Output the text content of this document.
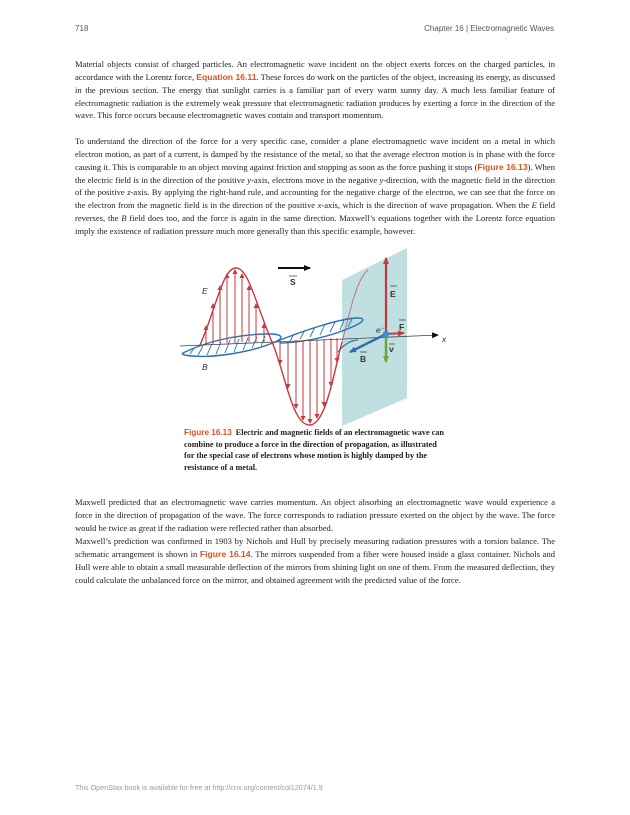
718	Chapter 16 | Electromagnetic Waves

Material objects consist of charged particles. An electromagnetic wave incident on the object exerts forces on the charged particles, in accordance with the Lorentz force, Equation 16.11. These forces do work on the particles of the object, increasing its energy, as discussed in the previous section. The energy that sunlight carries is a familiar part of every warm sunny day. A much less familiar feature of electromagnetic radiation is the extremely weak pressure that electromagnetic radiation produces by exerting a force in the direction of the wave. This force occurs because electromagnetic waves contain and transport momentum.

To understand the direction of the force for a very specific case, consider a plane electromagnetic wave incident on a metal in which electron motion, as part of a current, is damped by the resistance of the metal, so that the average electron motion is in phase with the force causing it. This is comparable to an object moving against friction and stopping as soon as the force pushing it stops (Figure 16.13). When the electric field is in the direction of the positive y-axis, electrons move in the negative y-direction, with the magnetic field in the direction of the positive z-axis. By applying the right-hand rule, and accounting for the negative charge of the electron, we can see that the force on the electron from the magnetic field is in the direction of the positive x-axis, which is the direction of wave propagation. When the E field reverses, the B field does too, and the force is again in the same direction. Maxwell’s equations together with the Lorentz force equation imply the existence of radiation pressure much more generally than this specific example, however.

S
E
B
E
F
B
v
e−
x
Figure 16.13 Electric and magnetic fields of an electromagnetic wave can combine to produce a force in the direction of propagation, as illustrated for the special case of electrons whose motion is highly damped by the resistance of a metal.

Maxwell predicted that an electromagnetic wave carries momentum. An object absorbing an electromagnetic wave would experience a force in the direction of propagation of the wave. The force corresponds to radiation pressure exerted on the object by the wave. The force would be twice as great if the radiation were reflected rather than absorbed.

Maxwell’s prediction was confirmed in 1903 by Nichols and Hull by precisely measuring radiation pressures with a torsion balance. The schematic arrangement is shown in Figure 16.14. The mirrors suspended from a fiber were housed inside a glass container. Nichols and Hull were able to obtain a small measurable deflection of the mirrors from shining light on one of them. From the measured deflection, they could calculate the unbalanced force on the mirror, and obtained agreement with the predicted value of the force.

This OpenStax book is available for free at http://cnx.org/content/col12074/1.9
